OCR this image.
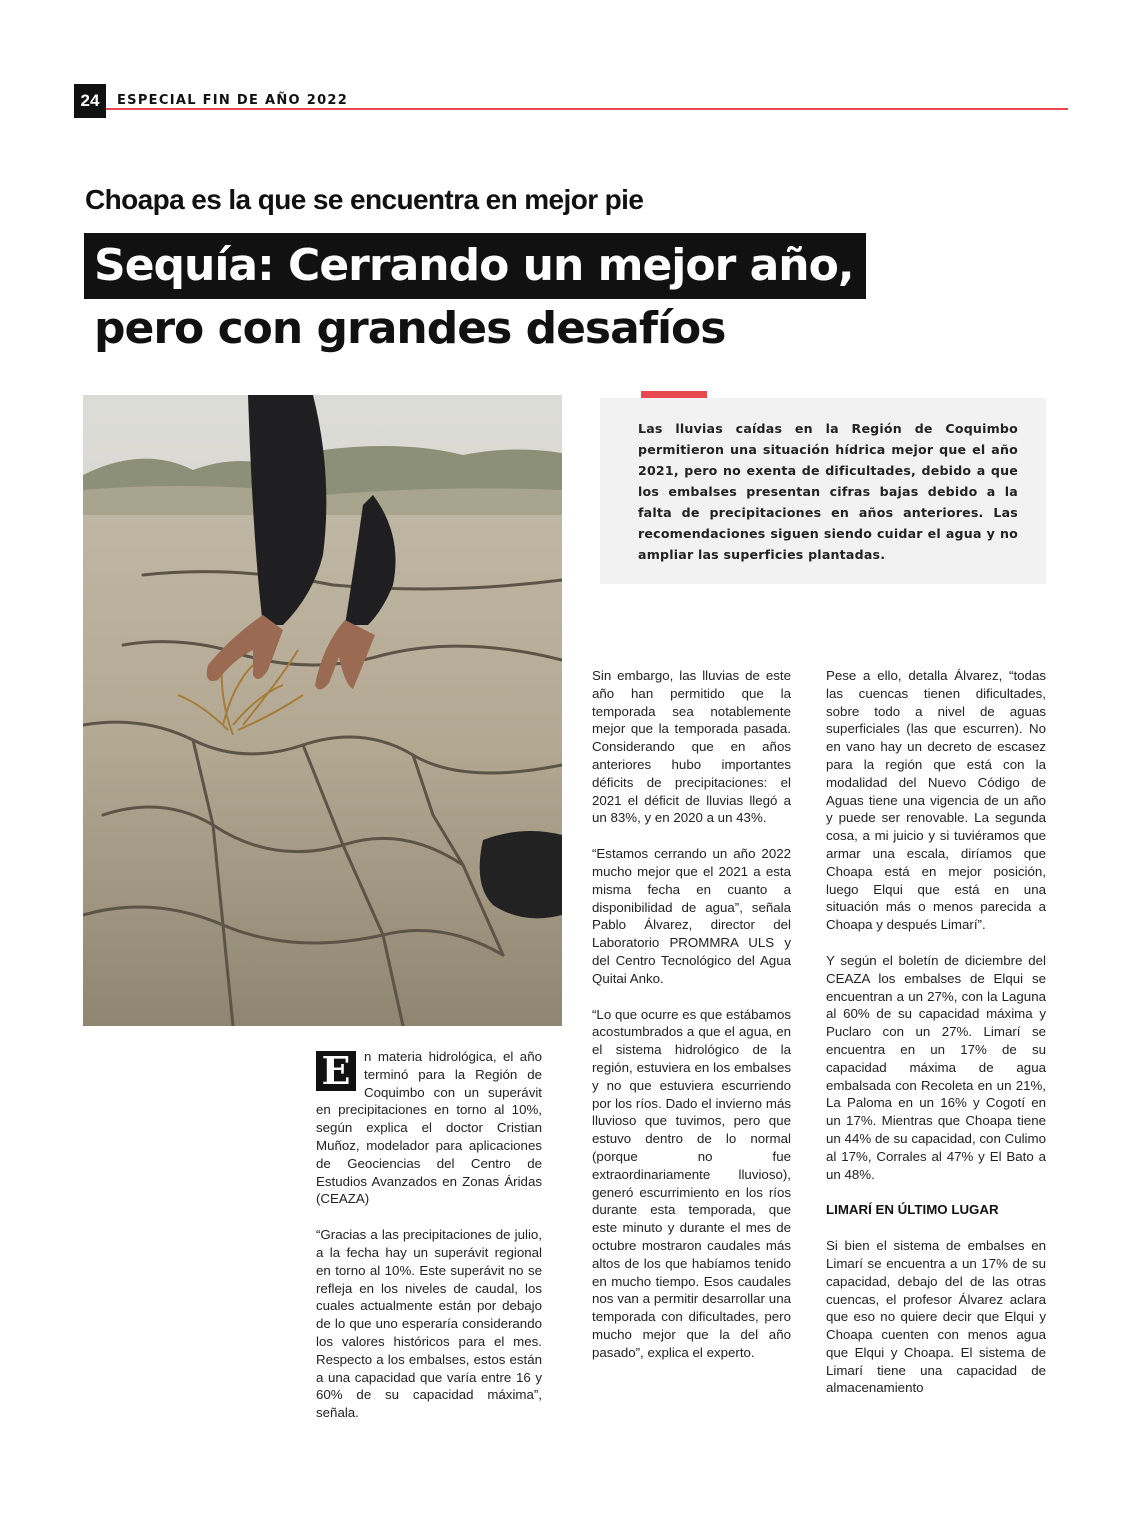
24	ESPECIAL FIN DE AÑO 2022
Choapa es la que se encuentra en mejor pie
Sequía: Cerrando un mejor año,
pero con grandes desafíos

Las lluvias caídas en la Región de Coquimbo permitieron una situación hídrica mejor que el año 2021, pero no exenta de dificultades, debido a que los embalses presentan cifras bajas debido a la falta de precipitaciones en años anteriores. Las recomendaciones siguen siendo cuidar el agua y no ampliar las superficies plantadas.

E	n materia hidrológica, el año terminó para la Región de Coquimbo con un superávit en precipitaciones en torno al 10%, según explica el doctor Cristian Muñoz, modelador para aplicaciones de Geociencias del Centro de Estudios Avanzados en Zonas Áridas (CEAZA)

“Gracias a las precipitaciones de julio, a la fecha hay un superávit regional en torno al 10%. Este superávit no se refleja en los niveles de caudal, los cuales actualmente están por debajo de lo que uno esperaría considerando los valores históricos para el mes. Respecto a los embalses, estos están a una capacidad que varía entre 16 y 60% de su capacidad máxima”, señala.

Sin embargo, las lluvias de este año han permitido que la temporada sea notablemente mejor que la temporada pasada. Considerando que en años anteriores hubo importantes déficits de precipitaciones: el 2021 el déficit de lluvias llegó a un 83%, y en 2020 a un 43%.

“Estamos cerrando un año 2022 mucho mejor que el 2021 a esta misma fecha en cuanto a disponibilidad de agua”, señala Pablo Álvarez, director del Laboratorio PROMMRA ULS y del Centro Tecnológico del Agua Quitai Anko.

“Lo que ocurre es que estábamos acostumbrados a que el agua, en el sistema hidrológico de la región, estuviera en los embalses y no que estuviera escurriendo por los ríos. Dado el invierno más lluvioso que tuvimos, pero que estuvo dentro de lo normal (porque no fue extraordinariamente lluvioso), generó escurrimiento en los ríos durante esta temporada, que este minuto y durante el mes de octubre mostraron caudales más altos de los que habíamos tenido en mucho tiempo. Esos caudales nos van a permitir desarrollar una temporada con dificultades, pero mucho mejor que la del año pasado”, explica el experto.

Pese a ello, detalla Álvarez, “todas las cuencas tienen dificultades, sobre todo a nivel de aguas superficiales (las que escurren). No en vano hay un decreto de escasez para la región que está con la modalidad del Nuevo Código de Aguas tiene una vigencia de un año y puede ser renovable. La segunda cosa, a mi juicio y si tuviéramos que armar una escala, diríamos que Choapa está en mejor posición, luego Elqui que está en una situación más o menos parecida a Choapa y después Limarí”.

Y según el boletín de diciembre del CEAZA los embalses de Elqui se encuentran a un 27%, con la Laguna al 60% de su capacidad máxima y Puclaro con un 27%. Limarí se encuentra en un 17% de su capacidad máxima de agua embalsada con Recoleta en un 21%, La Paloma en un 16% y Cogotí en un 17%. Mientras que Choapa tiene un 44% de su capacidad, con Culimo al 17%, Corrales al 47% y El Bato a un 48%.

LIMARÍ EN ÚLTIMO LUGAR

Si bien el sistema de embalses en Limarí se encuentra a un 17% de su capacidad, debajo del de las otras cuencas, el profesor Álvarez aclara que eso no quiere decir que Elqui y Choapa cuenten con menos agua que Elqui y Choapa. El sistema de Limarí tiene una capacidad de almacenamiento
